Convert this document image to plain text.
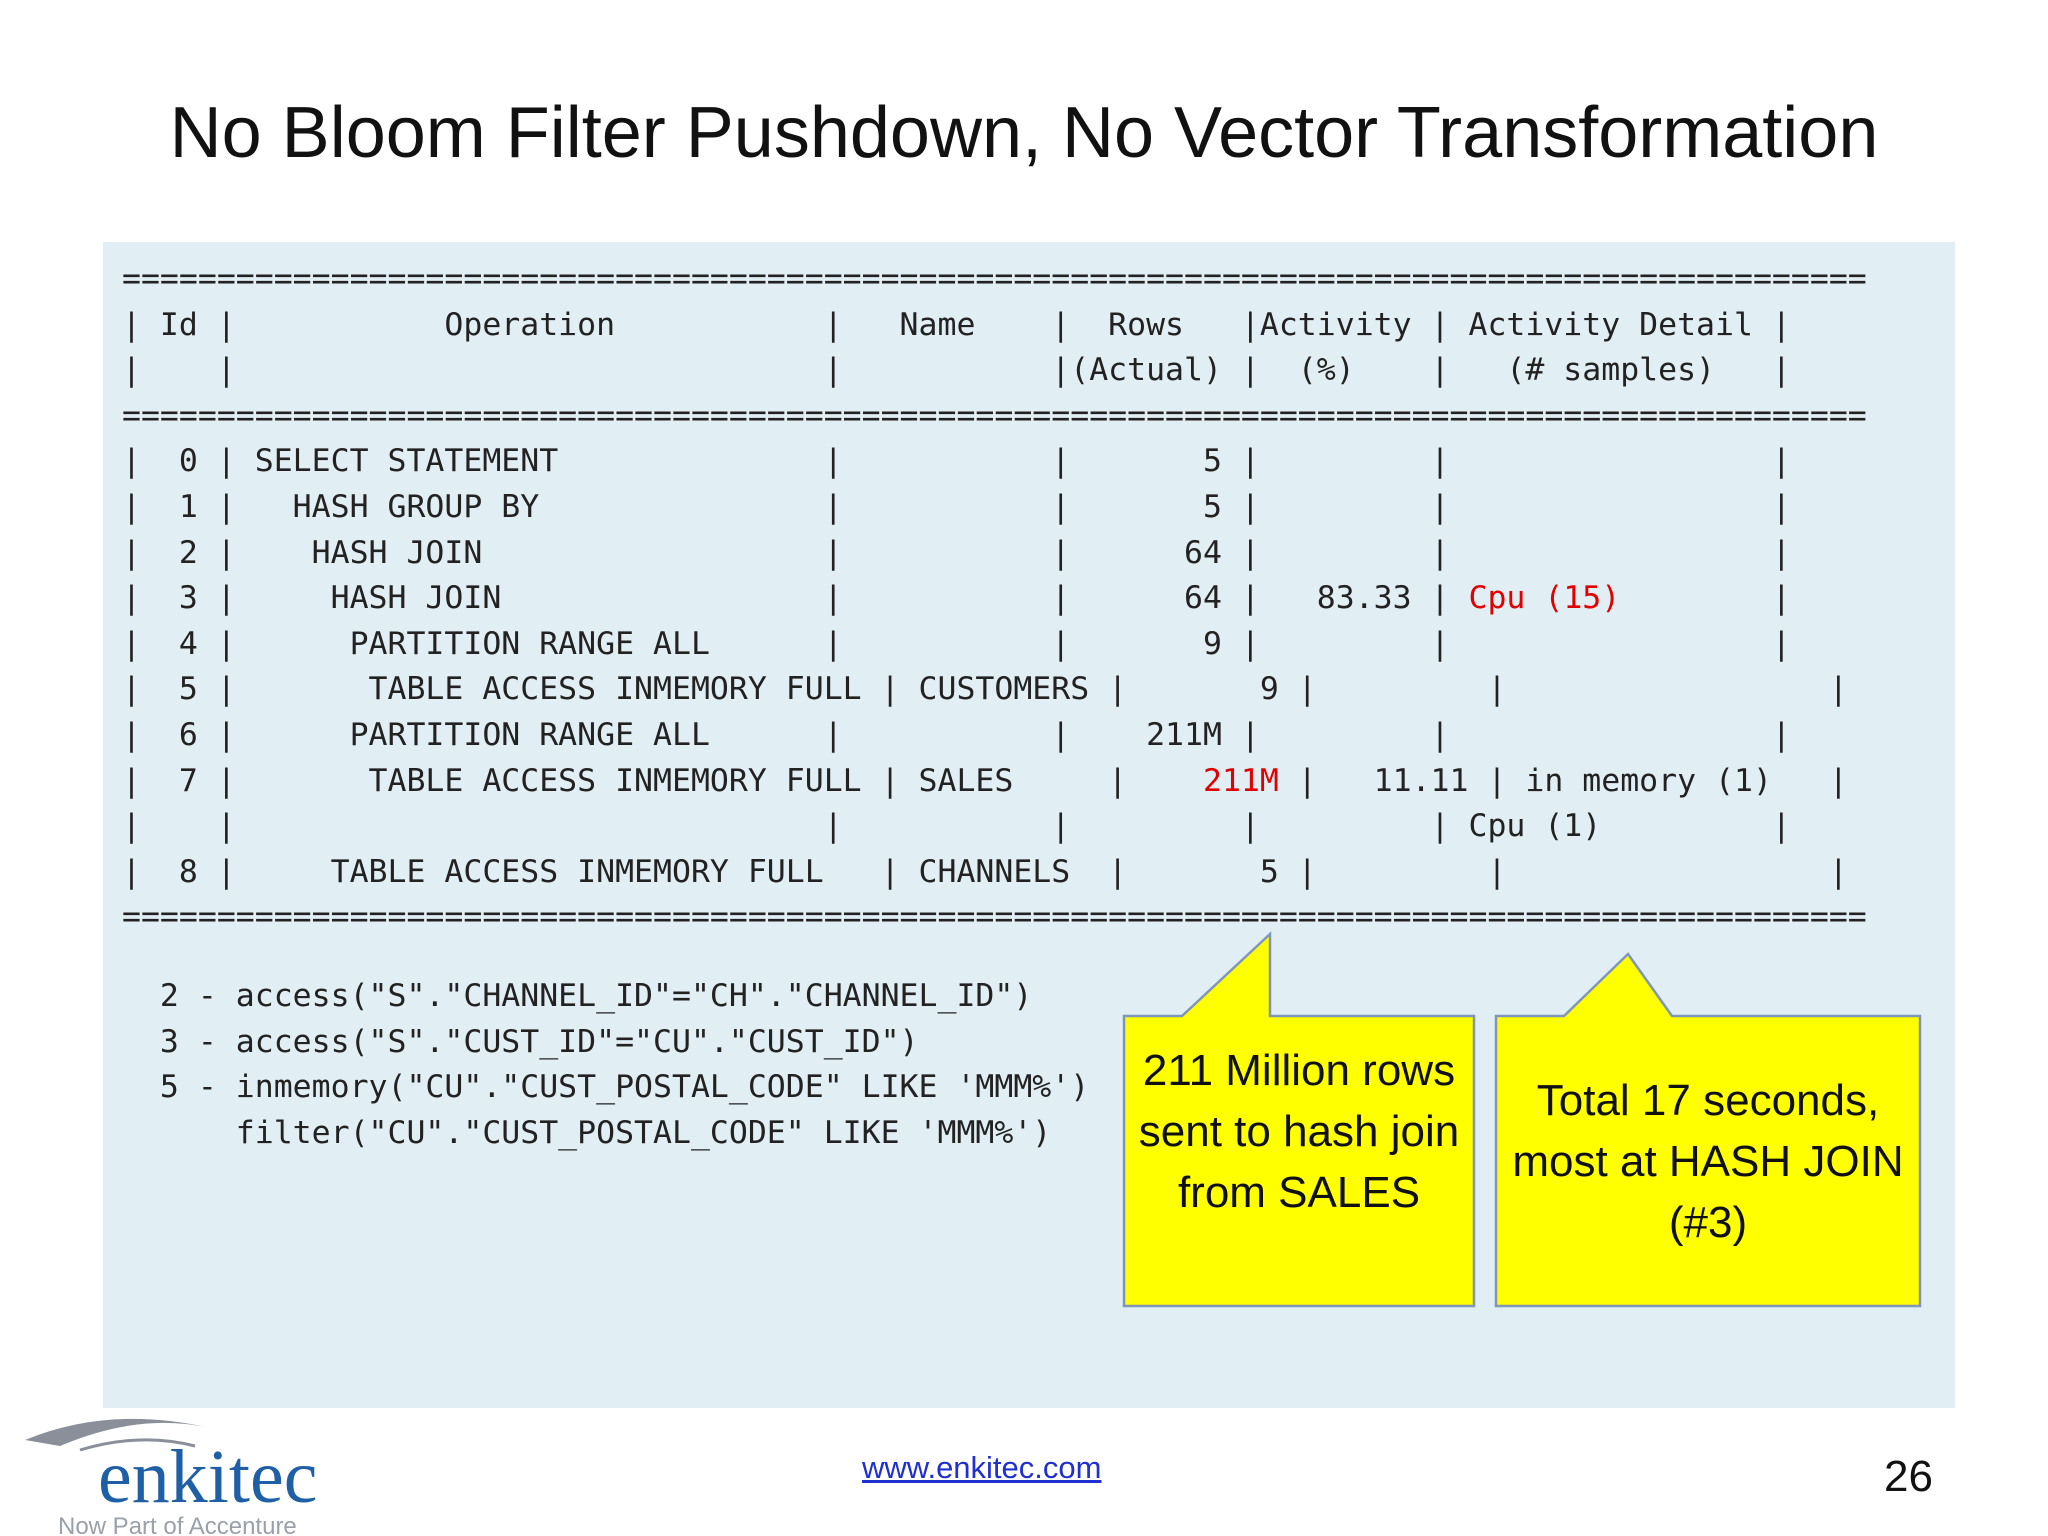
No Bloom Filter Pushdown, No Vector Transformation
============================================================================================
| Id |           Operation           |   Name    |  Rows   |Activity | Activity Detail |
|    |                               |           |(Actual) |  (%)    |   (# samples)   |
============================================================================================
|  0 | SELECT STATEMENT              |           |       5 |         |                 |
|  1 |   HASH GROUP BY               |           |       5 |         |                 |
|  2 |    HASH JOIN                  |           |      64 |         |                 |
|  3 |     HASH JOIN                 |           |      64 |   83.33 | Cpu (15)        |
|  4 |      PARTITION RANGE ALL      |           |       9 |         |                 |
|  5 |       TABLE ACCESS INMEMORY FULL | CUSTOMERS |       9 |         |                 |
|  6 |      PARTITION RANGE ALL      |           |    211M |         |                 |
|  7 |       TABLE ACCESS INMEMORY FULL | SALES     |    211M |   11.11 | in memory (1)   |
|    |                               |           |         |         | Cpu (1)         |
|  8 |     TABLE ACCESS INMEMORY FULL   | CHANNELS  |       5 |         |                 |
============================================================================================
2 - access("S"."CHANNEL_ID"="CH"."CHANNEL_ID")
3 - access("S"."CUST_ID"="CU"."CUST_ID")
5 - inmemory("CU"."CUST_POSTAL_CODE" LIKE 'MMM%')
filter("CU"."CUST_POSTAL_CODE" LIKE 'MMM%')
211 Million rows sent to hash join from SALES
Total 17 seconds, most at HASH JOIN (#3)
enkitec
Now Part of Accenture
www.enkitec.com	26
